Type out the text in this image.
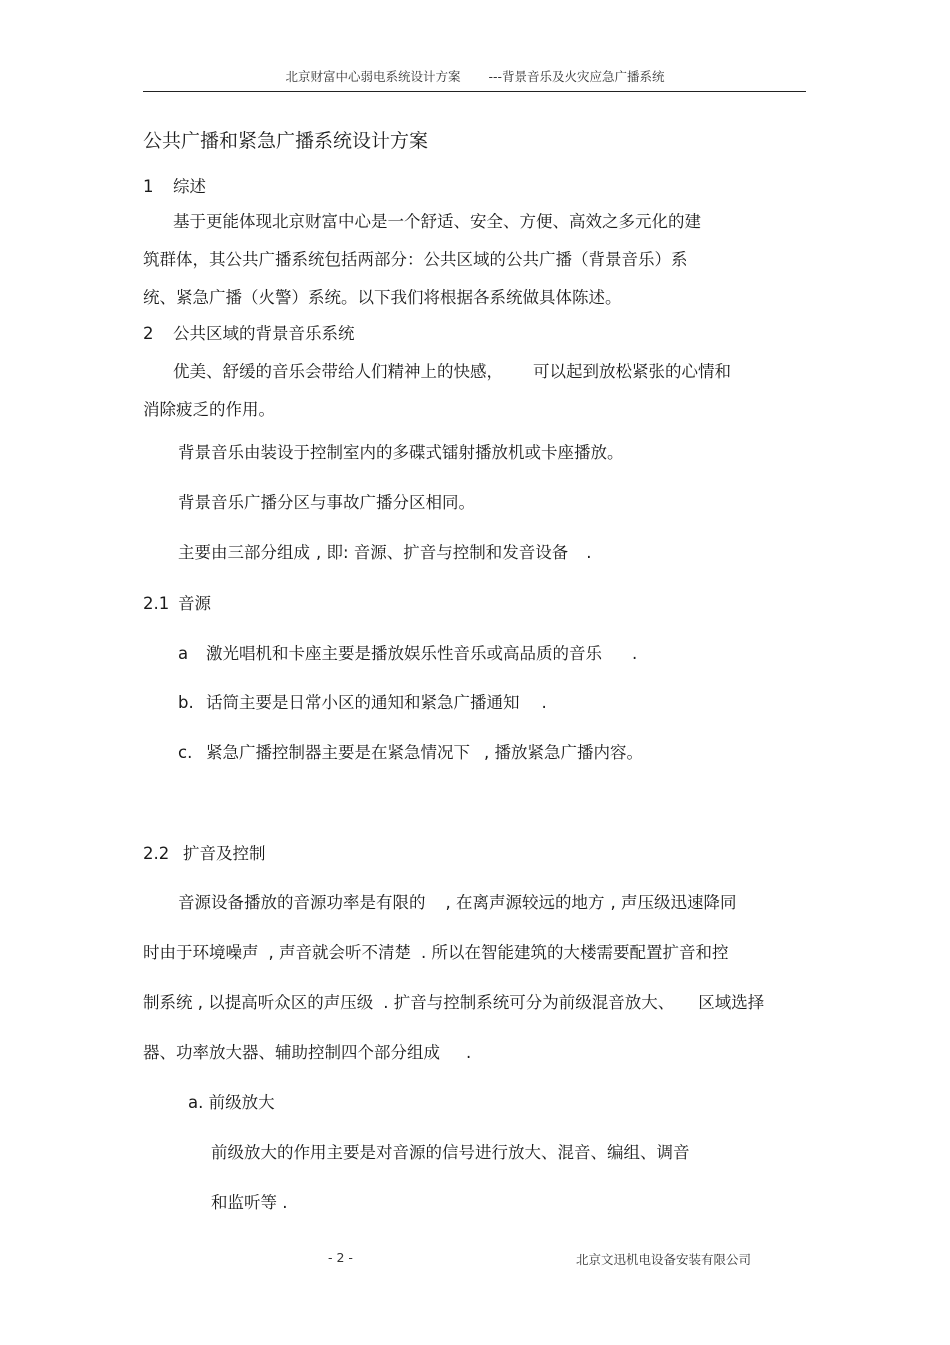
北京财富中心弱电系统设计方案 ---背景音乐及火灾应急广播系统
公共广播和紧急广播系统设计方案
1 综述
基于更能体现北京财富中心是一个舒适、安全、方便、高效之多元化的建
筑群体，其公共广播系统包括两部分：公共区域的公共广播（背景音乐）系
统、紧急广播（火警）系统。以下我们将根据各系统做具体陈述。
2 公共区域的背景音乐系统
优美、舒缓的音乐会带给人们精神上的快感， 可以起到放松紧张的心情和
消除疲乏的作用。
背景音乐由装设于控制室内的多碟式镭射播放机或卡座播放。
背景音乐广播分区与事故广播分区相同。
主要由三部分组成 , 即: 音源、扩音与控制和发音设备 .
2.1 音源
a 激光唱机和卡座主要是播放娱乐性音乐或高品质的音乐 .
b. 话筒主要是日常小区的通知和紧急广播通知 .
c. 紧急广播控制器主要是在紧急情况下 , 播放紧急广播内容。
2.2 扩音及控制
音源设备播放的音源功率是有限的 , 在离声源较远的地方 , 声压级迅速降同
时由于环境噪声 , 声音就会听不清楚 . 所以在智能建筑的大楼需要配置扩音和控
制系统 , 以提高听众区的声压级 . 扩音与控制系统可分为前级混音放大、 区域选择
器、功率放大器、辅助控制四个部分组成 .
a. 前级放大
前级放大的作用主要是对音源的信号进行放大、混音、编组、调音
和监听等 .
- 2 -	北京文迅机电设备安装有限公司
